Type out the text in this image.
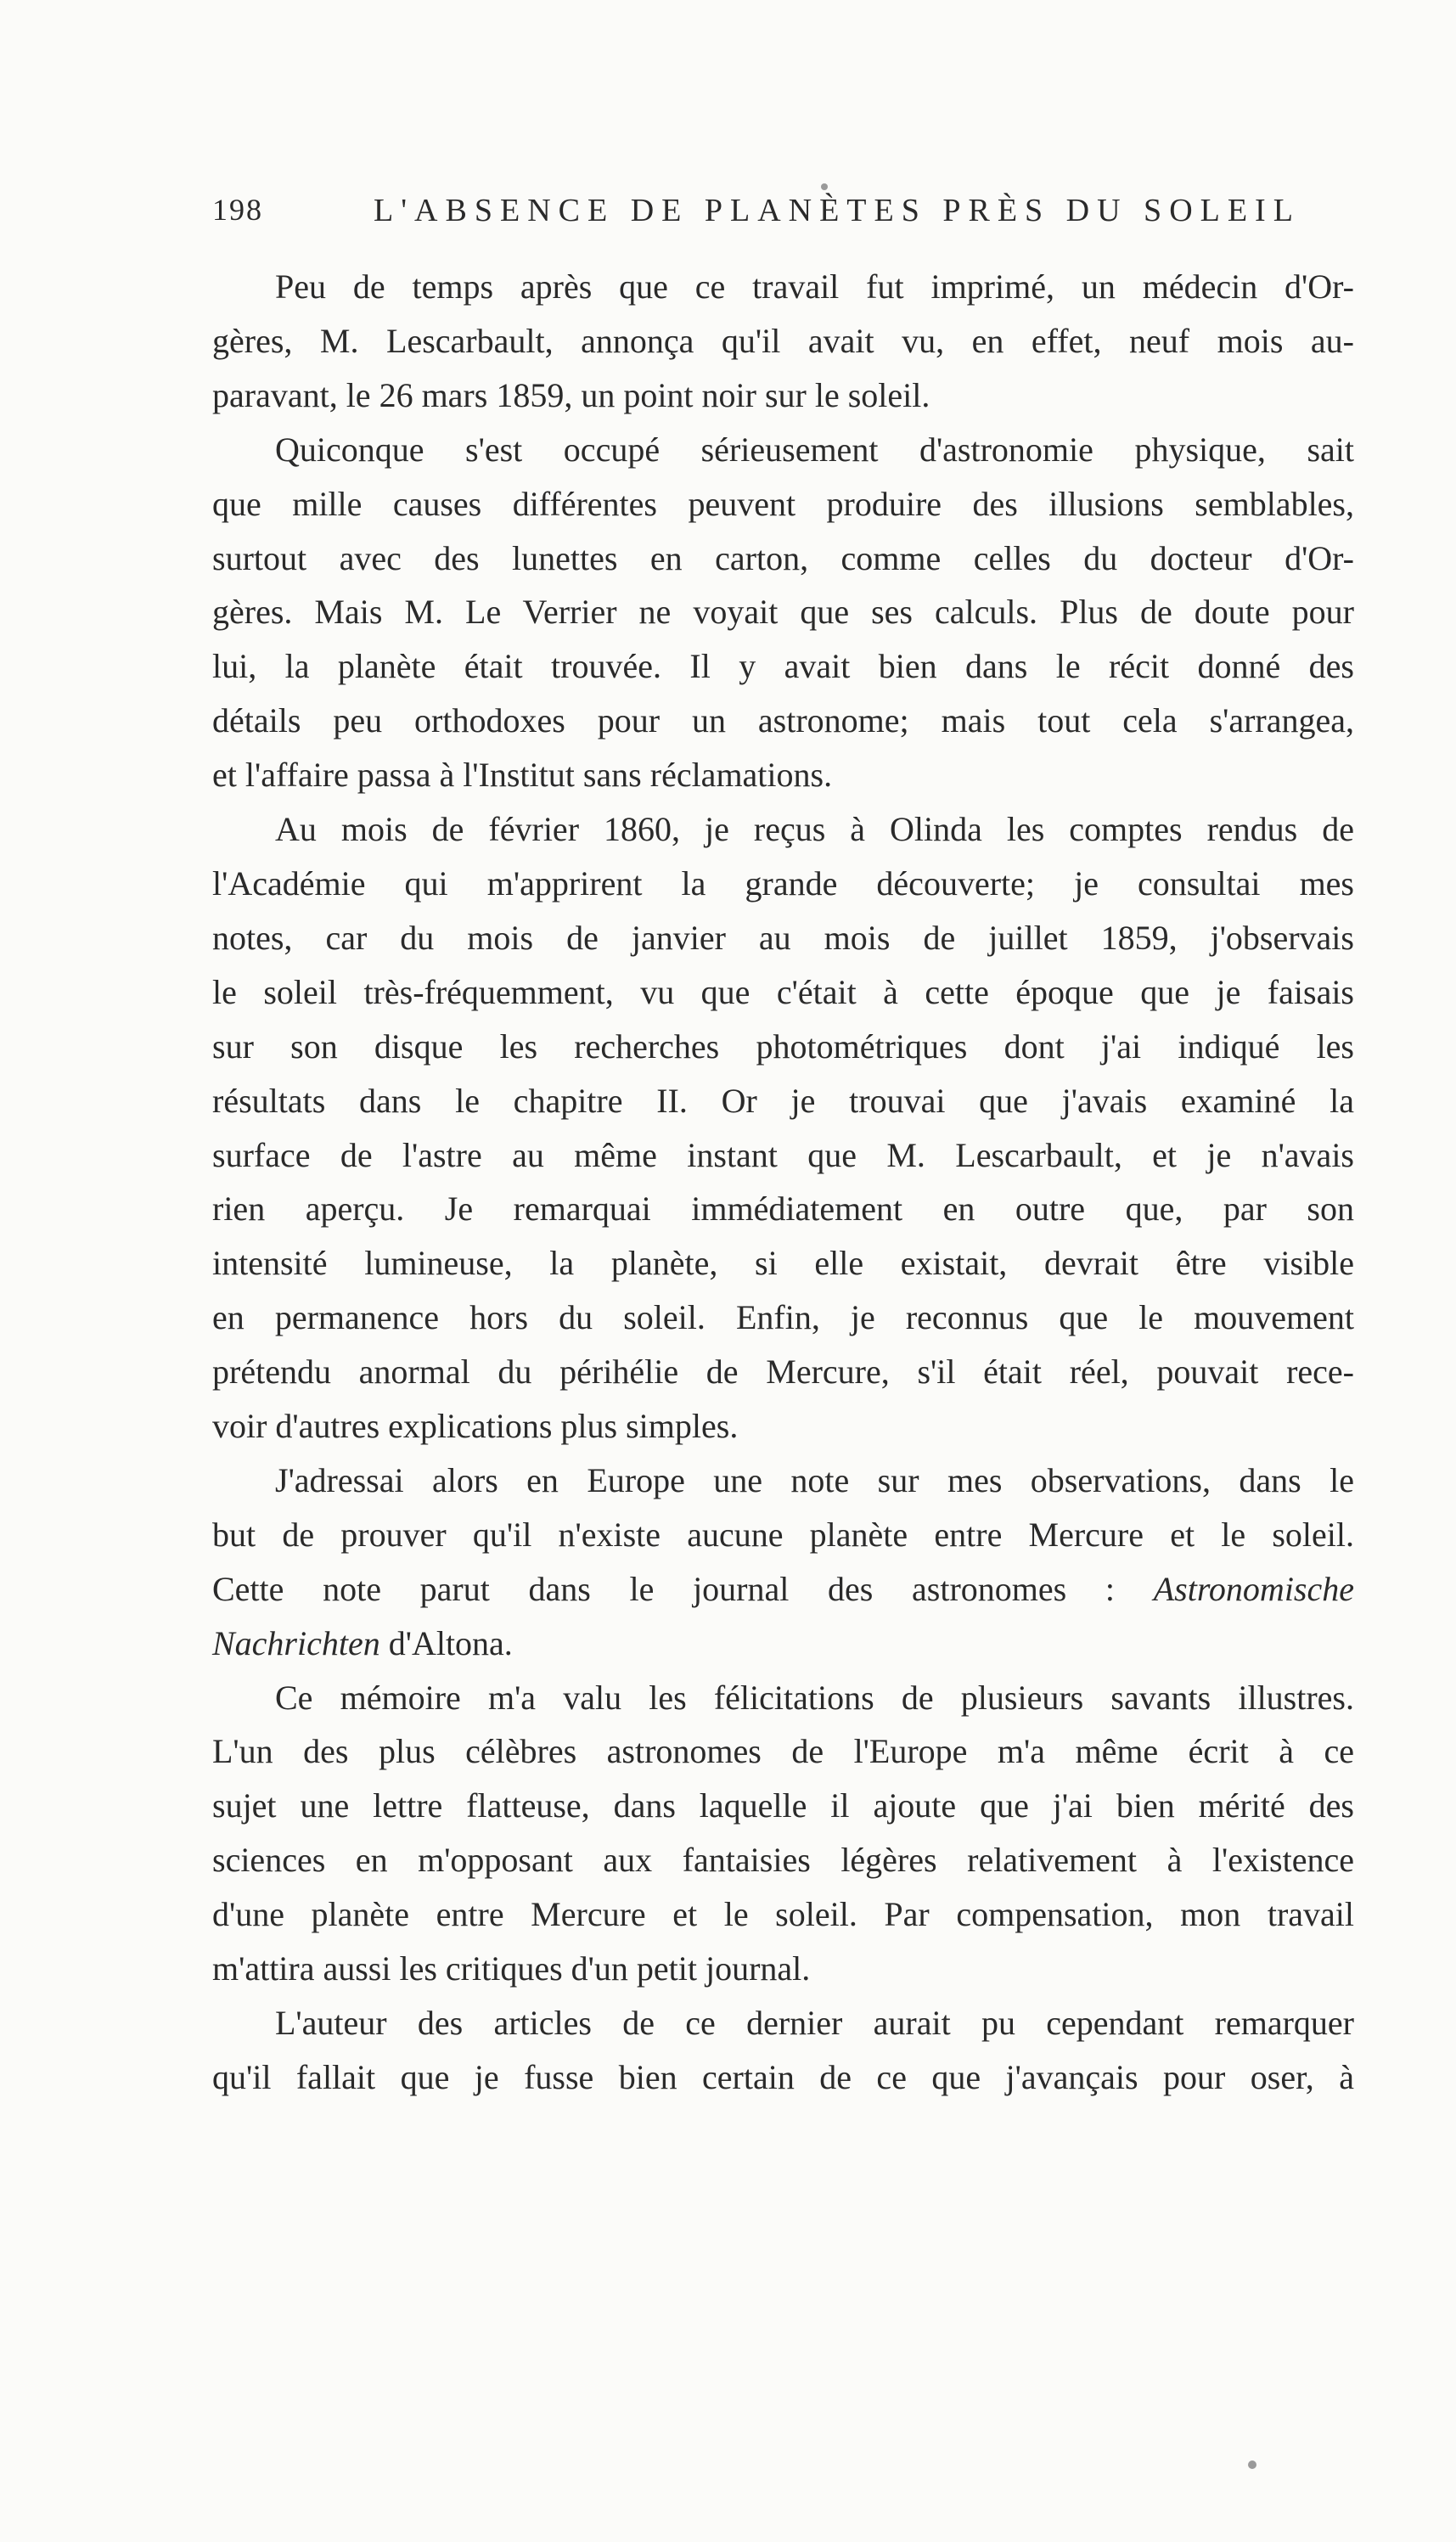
198	L'ABSENCE DE PLANÈTES PRÈS DU SOLEIL

Peu de temps après que ce travail fut imprimé, un médecin d'Or-
gères, M. Lescarbault, annonça qu'il avait vu, en effet, neuf mois au-
paravant, le 26 mars 1859, un point noir sur le soleil.

Quiconque s'est occupé sérieusement d'astronomie physique, sait
que mille causes différentes peuvent produire des illusions semblables,
surtout avec des lunettes en carton, comme celles du docteur d'Or-
gères. Mais M. Le Verrier ne voyait que ses calculs. Plus de doute pour
lui, la planète était trouvée. Il y avait bien dans le récit donné des
détails peu orthodoxes pour un astronome; mais tout cela s'arrangea,
et l'affaire passa à l'Institut sans réclamations.

Au mois de février 1860, je reçus à Olinda les comptes rendus de
l'Académie qui m'apprirent la grande découverte; je consultai mes
notes, car du mois de janvier au mois de juillet 1859, j'observais
le soleil très-fréquemment, vu que c'était à cette époque que je faisais
sur son disque les recherches photométriques dont j'ai indiqué les
résultats dans le chapitre II. Or je trouvai que j'avais examiné la
surface de l'astre au même instant que M. Lescarbault, et je n'avais
rien aperçu. Je remarquai immédiatement en outre que, par son
intensité lumineuse, la planète, si elle existait, devrait être visible
en permanence hors du soleil. Enfin, je reconnus que le mouvement
prétendu anormal du périhélie de Mercure, s'il était réel, pouvait rece-
voir d'autres explications plus simples.

J'adressai alors en Europe une note sur mes observations, dans le
but de prouver qu'il n'existe aucune planète entre Mercure et le soleil.
Cette note parut dans le journal des astronomes : Astronomische
Nachrichten d'Altona.

Ce mémoire m'a valu les félicitations de plusieurs savants illustres.
L'un des plus célèbres astronomes de l'Europe m'a même écrit à ce
sujet une lettre flatteuse, dans laquelle il ajoute que j'ai bien mérité des
sciences en m'opposant aux fantaisies légères relativement à l'existence
d'une planète entre Mercure et le soleil. Par compensation, mon travail
m'attira aussi les critiques d'un petit journal.

L'auteur des articles de ce dernier aurait pu cependant remarquer
qu'il fallait que je fusse bien certain de ce que j'avançais pour oser, à
